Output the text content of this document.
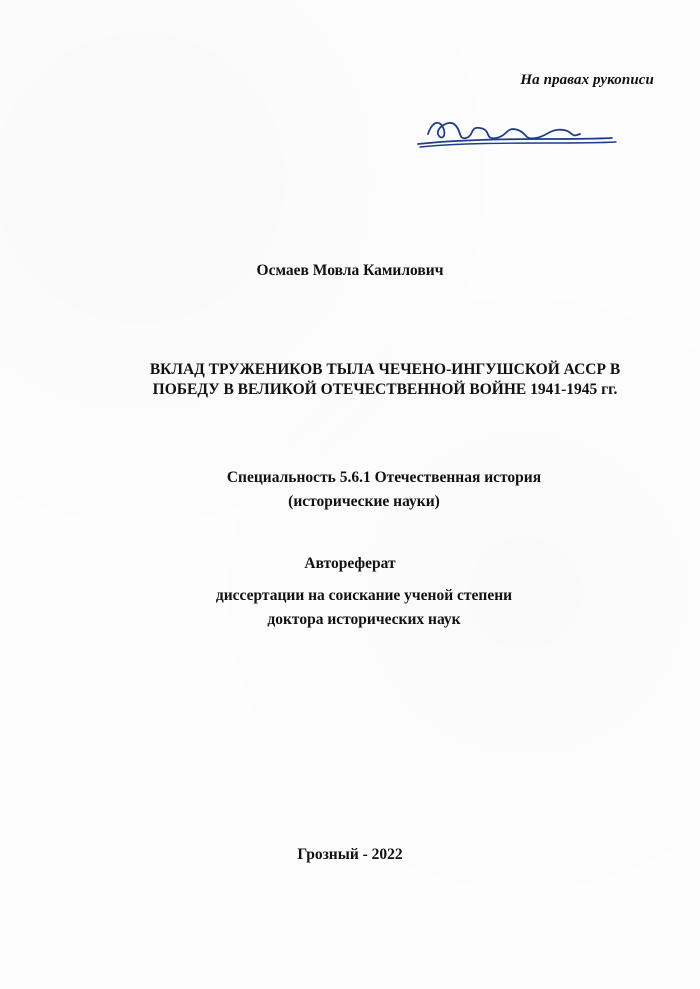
На правах рукописи
Осмаев Мовла Камилович
ВКЛАД ТРУЖЕНИКОВ ТЫЛА ЧЕЧЕНО-ИНГУШСКОЙ АССР В
ПОБЕДУ В ВЕЛИКОЙ ОТЕЧЕСТВЕННОЙ ВОЙНЕ 1941-1945 гг.
Специальность 5.6.1 Отечественная история
(исторические науки)
Автореферат
диссертации на соискание ученой степени
доктора исторических наук
Грозный - 2022
